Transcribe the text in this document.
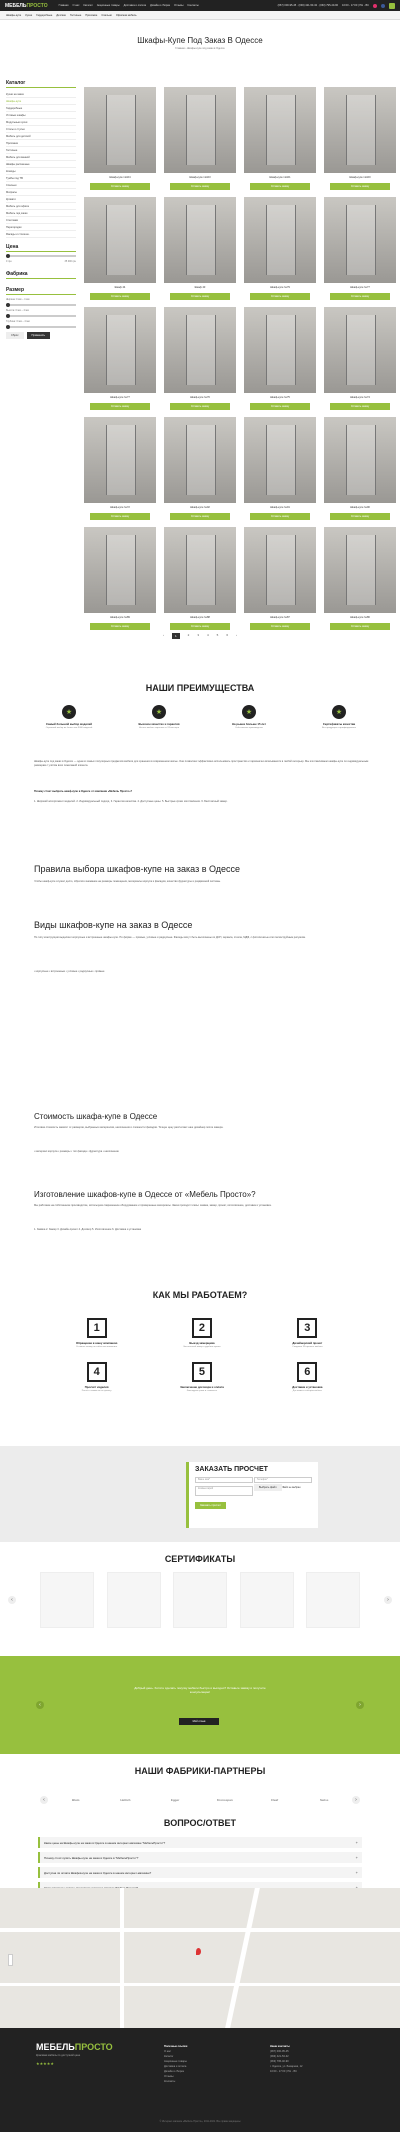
МЕБЕЛЬПРОСТО	Главная О нас Каталог Акционные товары Доставка и оплата Дизайн и сборка Отзывы Контакты	(067) 000-95-45 · (093) 421-53-32 · (063) 795-40-90 10:00 - 17:00 | ПН - ВС
Шкафы-купе Кухни Гардеробные Детские Гостиные Прихожие Спальни Офисная мебель
Шкафы-Купе Под Заказ В Одессе
Главная › Шкафы-купе под заказ в Одессе
Каталог
Кухни на заказ
Шкафы-купе
Гардеробные
Угловые шкафы
Модульные кухни
Столы и стулья
Мебель для детской
Прихожие
Гостиные
Мебель для ванной
Шкафы распашные
Комоды
Тумбы под ТВ
Спальни
Матрасы
Кровати
Мебель для офиса
Мебель под заказ
Стеллажи
Перегородки
Фасады и столешн.
Цена
0 грн	35 000 грн
Фабрика
Размер
Ширина: 0 мм – 4 мм
Высота: 0 мм – 4 мм
Глубина: 0 мм – 4 мм
Сброс	Применить
Шкаф-купе №104
Оставить заявку
Шкаф-купе №103
Оставить заявку
Шкаф-купе №101
Оставить заявку
Шкаф-купе №100
Оставить заявку
Шкаф 44
Оставить заявку
Шкаф 43
Оставить заявку
Шкаф-купе №79
Оставить заявку
Шкаф-купе №77
Оставить заявку
Шкаф-купе №77
Оставить заявку
Шкаф-купе №76
Оставить заявку
Шкаф-купе №75
Оставить заявку
Шкаф-купе №74
Оставить заявку
Шкаф-купе №72
Оставить заявку
Шкаф-купе №92
Оставить заявку
Шкаф-купе №91
Оставить заявку
Шкаф-купе №90
Оставить заявку
Шкаф-купе №89
Оставить заявку
Шкаф-купе №88
Оставить заявку
Шкаф-купе №87
Оставить заявку
Шкаф-купе №86
Оставить заявку
‹	1	2	3	4	5	6	›
НАШИ ПРЕИМУЩЕСТВА
★
Самый большой выбор моделей
Огромный выбор из более чем 3000 моделей
★
Высокое качество и гарантия
На всю мебель гарантия от 24 месяцев
★
На рынке больше 15 лет
Собственное производство
★
Сертификаты качества
Вся продукция сертифицирована
Шкафы-купе под заказ в Одессе — одна из самых популярных предметов мебели для хранения в современном жилье. Они позволяют эффективно использовать пространство и гармонично вписываются в любой интерьер. Мы изготавливаем шкафы-купе по индивидуальным размерам с учётом всех пожеланий клиента.
Почему стоит выбрать шкаф-купе в Одессе от компании «Мебель Просто»?
1. Широкий ассортимент моделей. 2. Индивидуальный подход. 3. Гарантия качества. 4. Доступные цены. 5. Быстрые сроки изготовления. 6. Бесплатный замер.
Правила выбора шкафов-купе на заказ в Одессе
Чтобы шкаф-купе служил долго, обратите внимание на размеры помещения, материалы корпуса и фасадов, качество фурнитуры и раздвижной системы.
Виды шкафов-купе на заказ в Одессе
По типу конструкции выделяют корпусные и встроенные шкафы-купе. По форме — прямые, угловые и радиусные. Фасады могут быть выполнены из ДСП, зеркала, стекла, МДФ, с фотопечатью или пескоструйным рисунком.
• корпусные • встроенные • угловые • радиусные • прямые
Стоимость шкафа-купе в Одессе
Итоговая стоимость зависит от размеров, выбранных материалов, наполнения и сложности фасадов. Точную цену рассчитает наш дизайнер после замера.
• материал корпуса • размеры • тип фасада • фурнитура • наполнение
Изготовление шкафов-купе в Одессе от «Мебель Просто»?
Мы работаем на собственном производстве, используем современное оборудование и проверенные материалы. Заказ проходит этапы: заявка, замер, проект, изготовление, доставка и установка.
1. Заявка 2. Замер 3. Дизайн-проект 4. Договор 5. Изготовление 6. Доставка и установка
КАК МЫ РАБОТАЕМ?
1
Обращение в нашу компанию
Оставьте заявку на сайте или позвоните
2
Выезд замерщика
Бесплатный замер в удобное время
3
Дизайнерский проект
Создание 3D-проекта мебели
4
Просчёт изделия
Расчёт стоимости по проекту
5
Заключение договора и оплата
Фиксируем сроки и стоимость
6
Доставка и установка
Доставим и соберём мебель
ЗАКАЗАТЬ ПРОСЧЕТ
Ваше имя*	Телефон* Комментарий	$^{Выбрать файл Файл не выбран}$
Заказать просчет
СЕРТИФИКАТЫ
‹	›
‹	›
Добрый день. Хотите сделать покупку мебели быстро и выгодно? Оставьте заявку и получите консультацию!
Мой отзыв
НАШИ ФАБРИКИ-ПАРТНЕРЫ
‹	Blum	Hettich	Egger	Kronospan	Cleaf	Swiss	›
ВОПРОС/ОТВЕТ
Какие цены на Шкафы-купе на заказ в Одессе в нашем интернет-магазине "МебельПросто"?	+
Почему стоит купить Шкафы-купе на заказ в Одессе в "МебельПросто"?	+
Доступна ли оплата Шкафов-купе на заказ в Одессе в нашем интернет-магазине?	+
МЕБЕЛЬПРОСТО
Красивая мебель по доступной цене
★★★★★
Полезные ссылки
О нас
Каталог
Акционные товары
Доставка и оплата
Дизайн и сборка
Отзывы
Контакты
Наши контакты
(067) 000-95-45
(093) 421-53-32
(063) 795-40-90
г. Одесса, ул. Базарная, 12
10:00 - 17:00 | ПН - ВС
© Интернет-магазин «Мебель Просто», 2011-2021. Все права защищены
